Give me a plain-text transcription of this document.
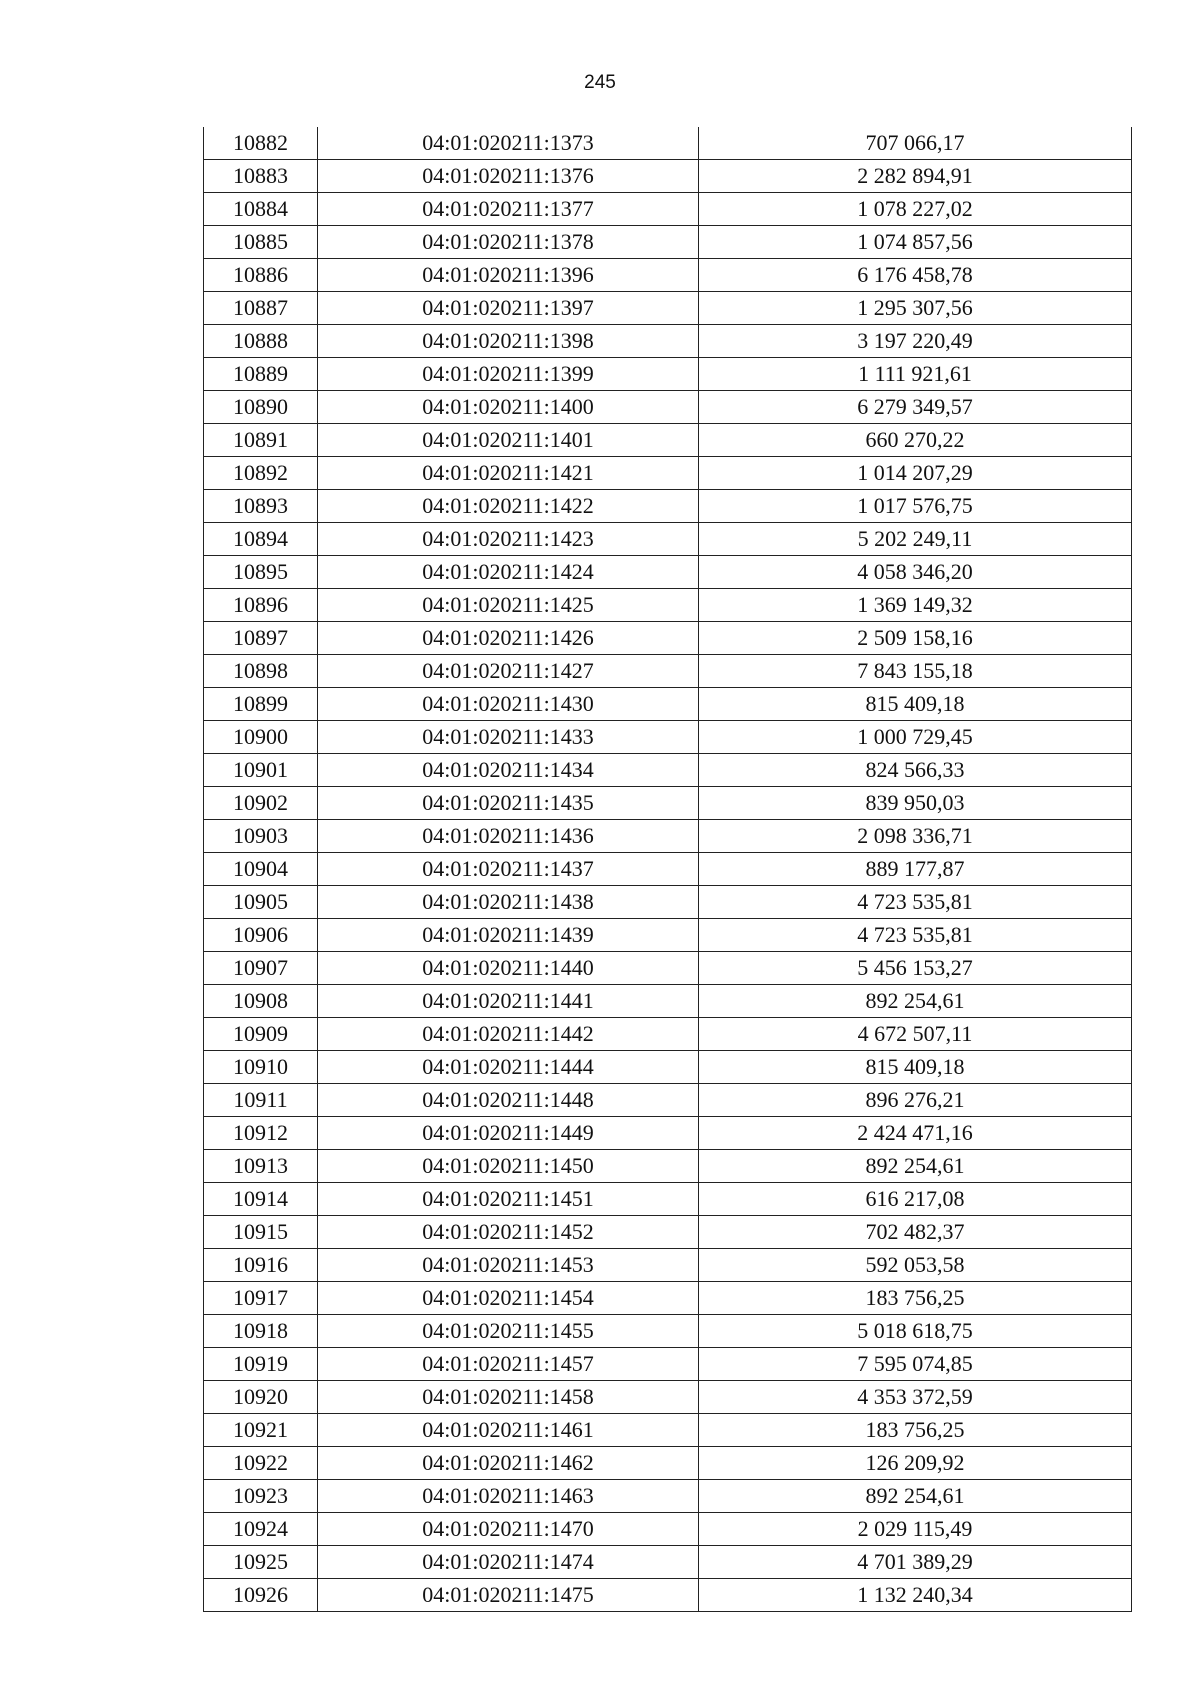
245
10882	04:01:020211:1373	707 066,17
10883	04:01:020211:1376	2 282 894,91
10884	04:01:020211:1377	1 078 227,02
10885	04:01:020211:1378	1 074 857,56
10886	04:01:020211:1396	6 176 458,78
10887	04:01:020211:1397	1 295 307,56
10888	04:01:020211:1398	3 197 220,49
10889	04:01:020211:1399	1 111 921,61
10890	04:01:020211:1400	6 279 349,57
10891	04:01:020211:1401	660 270,22
10892	04:01:020211:1421	1 014 207,29
10893	04:01:020211:1422	1 017 576,75
10894	04:01:020211:1423	5 202 249,11
10895	04:01:020211:1424	4 058 346,20
10896	04:01:020211:1425	1 369 149,32
10897	04:01:020211:1426	2 509 158,16
10898	04:01:020211:1427	7 843 155,18
10899	04:01:020211:1430	815 409,18
10900	04:01:020211:1433	1 000 729,45
10901	04:01:020211:1434	824 566,33
10902	04:01:020211:1435	839 950,03
10903	04:01:020211:1436	2 098 336,71
10904	04:01:020211:1437	889 177,87
10905	04:01:020211:1438	4 723 535,81
10906	04:01:020211:1439	4 723 535,81
10907	04:01:020211:1440	5 456 153,27
10908	04:01:020211:1441	892 254,61
10909	04:01:020211:1442	4 672 507,11
10910	04:01:020211:1444	815 409,18
10911	04:01:020211:1448	896 276,21
10912	04:01:020211:1449	2 424 471,16
10913	04:01:020211:1450	892 254,61
10914	04:01:020211:1451	616 217,08
10915	04:01:020211:1452	702 482,37
10916	04:01:020211:1453	592 053,58
10917	04:01:020211:1454	183 756,25
10918	04:01:020211:1455	5 018 618,75
10919	04:01:020211:1457	7 595 074,85
10920	04:01:020211:1458	4 353 372,59
10921	04:01:020211:1461	183 756,25
10922	04:01:020211:1462	126 209,92
10923	04:01:020211:1463	892 254,61
10924	04:01:020211:1470	2 029 115,49
10925	04:01:020211:1474	4 701 389,29
10926	04:01:020211:1475	1 132 240,34
